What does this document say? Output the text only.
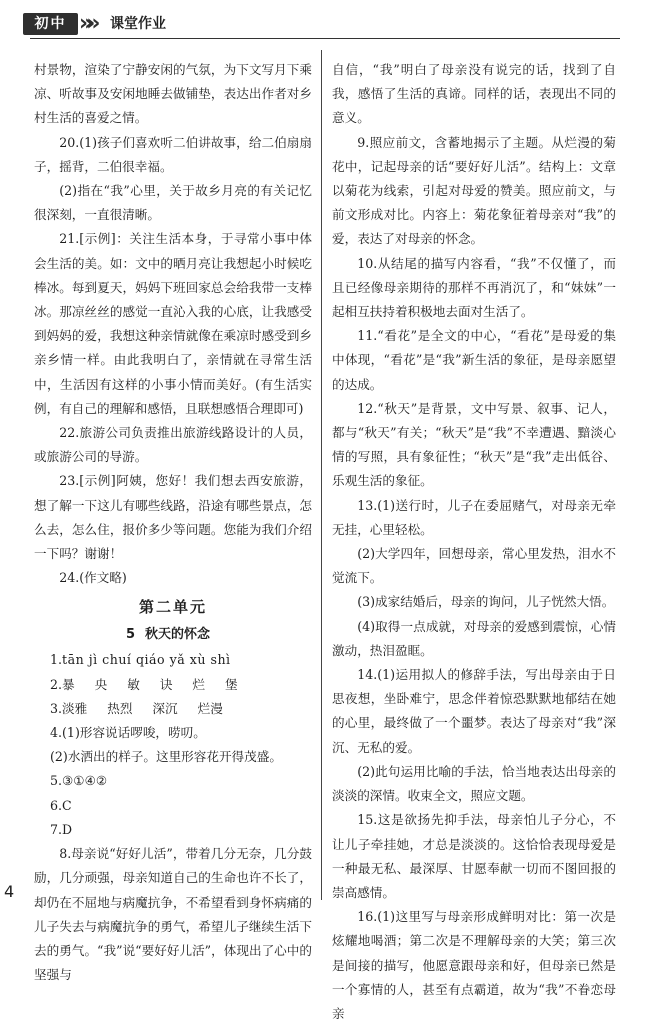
初中 »»	课堂作业

村景物，渲染了宁静安闲的气氛，为下文写月下乘凉、听故事及安闲地睡去做铺垫，表达出作者对乡村生活的喜爱之情。

20.(1)孩子们喜欢听二伯讲故事，给二伯扇扇子，摇背，二伯很幸福。

(2)指在“我”心里，关于故乡月亮的有关记忆很深刻，一直很清晰。

21.[示例]：关注生活本身，于寻常小事中体会生活的美。如：文中的晒月亮让我想起小时候吃棒冰。每到夏天，妈妈下班回家总会给我带一支棒冰。那凉丝丝的感觉一直沁入我的心底，让我感受到妈妈的爱，我想这种亲情就像在乘凉时感受到乡亲乡情一样。由此我明白了，亲情就在寻常生活中，生活因有这样的小事小情而美好。(有生活实例，有自己的理解和感悟，且联想感悟合理即可)

22.旅游公司负责推出旅游线路设计的人员，或旅游公司的导游。

23.[示例]阿姨，您好！我们想去西安旅游，想了解一下这儿有哪些线路，沿途有哪些景点，怎么去，怎么住，报价多少等问题。您能为我们介绍一下吗？谢谢！

24.(作文略)

第二单元
5 秋天的怀念

1.tān jì chuí qiáo yǎ xù shì

2.暴 央 敏 诀 烂 堡

3.淡雅 热烈 深沉 烂漫

4.(1)形容说话啰唆，唠叨。

(2)水洒出的样子。这里形容花开得茂盛。

5.③①④②

6.C

7.D

8.母亲说“好好儿活”，带着几分无奈，几分鼓励，几分顽强，母亲知道自己的生命也许不长了，却仍在不屈地与病魔抗争，不希望看到身怀病痛的儿子失去与病魔抗争的勇气，希望儿子继续生活下去的勇气。“我”说“要好好儿活”，体现出了心中的坚强与

自信，“我”明白了母亲没有说完的话，找到了自我，感悟了生活的真谛。同样的话，表现出不同的意义。

9.照应前文，含蓄地揭示了主题。从烂漫的菊花中，记起母亲的话“要好好儿活”。结构上：文章以菊花为线索，引起对母爱的赞美。照应前文，与前文形成对比。内容上：菊花象征着母亲对“我”的爱，表达了对母亲的怀念。

10.从结尾的描写内容看，“我”不仅懂了，而且已经像母亲期待的那样不再消沉了，和“妹妹”一起相互扶持着积极地去面对生活了。

11.“看花”是全文的中心，“看花”是母爱的集中体现，“看花”是“我”新生活的象征，是母亲愿望的达成。

12.“秋天”是背景，文中写景、叙事、记人，都与“秋天”有关；“秋天”是“我”不幸遭遇、黯淡心情的写照，具有象征性；“秋天”是“我”走出低谷、乐观生活的象征。

13.(1)送行时，儿子在委屈赌气，对母亲无牵无挂，心里轻松。

(2)大学四年，回想母亲，常心里发热，泪水不觉流下。

(3)成家结婚后，母亲的询问，儿子恍然大悟。

(4)取得一点成就，对母亲的爱感到震惊，心情激动，热泪盈眶。

14.(1)运用拟人的修辞手法，写出母亲由于日思夜想，坐卧难宁，思念伴着惊恐默默地郁结在她的心里，最终做了一个噩梦。表达了母亲对“我”深沉、无私的爱。

(2)此句运用比喻的手法，恰当地表达出母亲的淡淡的深情。收束全文，照应文题。

15.这是欲扬先抑手法，母亲怕儿子分心，不让儿子牵挂她，才总是淡淡的。这恰恰表现母爱是一种最无私、最深厚、甘愿奉献一切而不图回报的崇高感情。

16.(1)这里写与母亲形成鲜明对比：第一次是炫耀地喝酒；第二次是不理解母亲的大笑；第三次是间接的描写，他愿意跟母亲和好，但母亲已然是一个寡情的人，甚至有点霸道，故为“我”不眷恋母亲

4
